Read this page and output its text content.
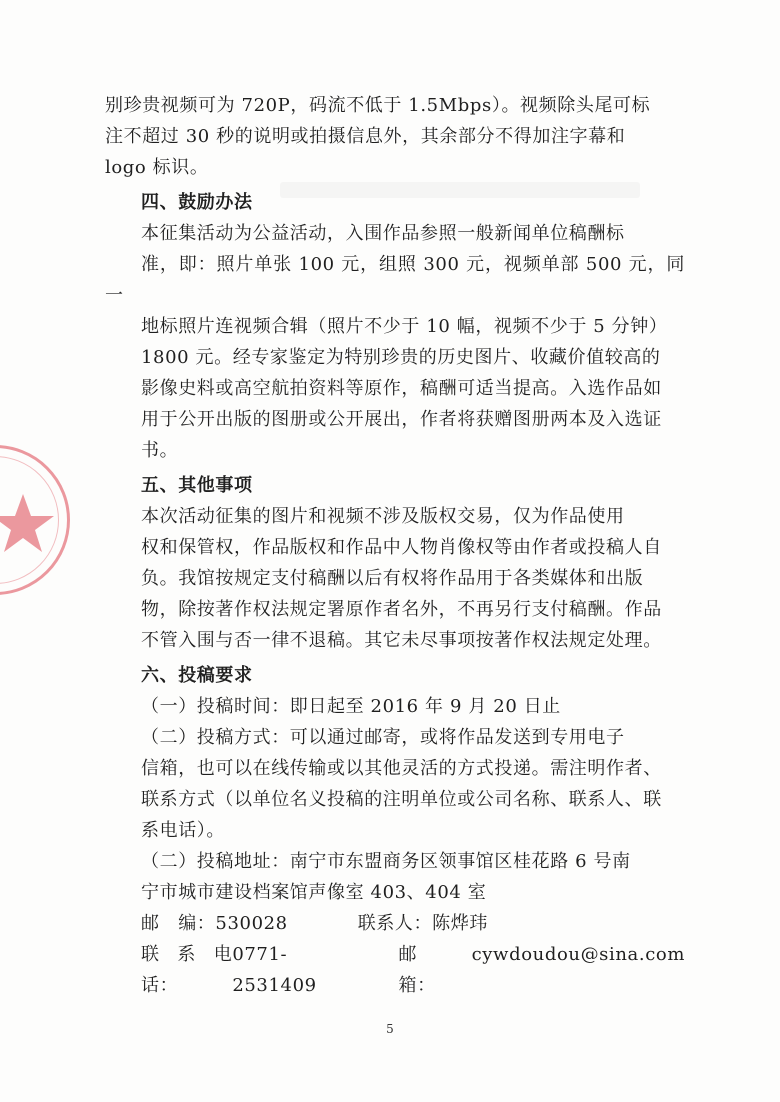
别珍贵视频可为 720P，码流不低于 1.5Mbps）。视频除头尾可标
注不超过 30 秒的说明或拍摄信息外，其余部分不得加注字幕和
logo 标识。

四、鼓励办法

本征集活动为公益活动，入围作品参照一般新闻单位稿酬标
准，即：照片单张 100 元，组照 300 元，视频单部 500 元，同一
地标照片连视频合辑（照片不少于 10 幅，视频不少于 5 分钟）
1800 元。经专家鉴定为特别珍贵的历史图片、收藏价值较高的
影像史料或高空航拍资料等原作，稿酬可适当提高。入选作品如
用于公开出版的图册或公开展出，作者将获赠图册两本及入选证
书。

五、其他事项

本次活动征集的图片和视频不涉及版权交易，仅为作品使用
权和保管权，作品版权和作品中人物肖像权等由作者或投稿人自
负。我馆按规定支付稿酬以后有权将作品用于各类媒体和出版
物，除按著作权法规定署原作者名外，不再另行支付稿酬。作品
不管入围与否一律不退稿。其它未尽事项按著作权法规定处理。

六、投稿要求

（一）投稿时间：即日起至 2016 年 9 月 20 日止

（二）投稿方式：可以通过邮寄，或将作品发送到专用电子
信箱，也可以在线传输或以其他灵活的方式投递。需注明作者、
联系方式（以单位名义投稿的注明单位或公司名称、联系人、联
系电话）。

（二）投稿地址：南宁市东盟商务区领事馆区桂花路 6 号南
宁市城市建设档案馆声像室 403、404 室

邮　编： 530028	联系人： 陈烨玮

联系电话：
0771-2531409
邮　箱：
cywdoudou@sina.com

5
